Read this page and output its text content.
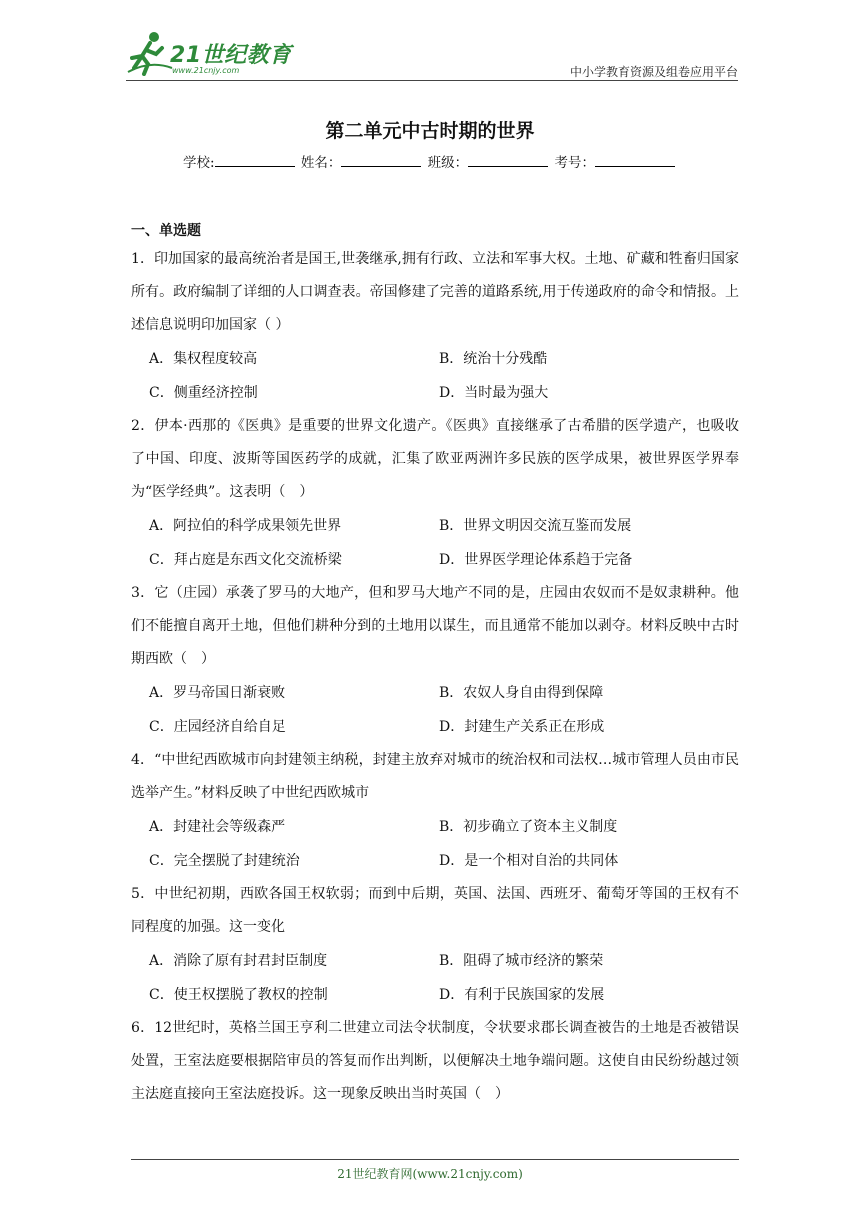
21世纪教育
www.21cnjy.com	中小学教育资源及组卷应用平台
第二单元中古时期的世界
学校:	姓名：	班级：	考号：
一、单选题

1．印加国家的最高统治者是国王,世袭继承,拥有行政、立法和军事大权。土地、矿藏和牲畜归国家所有。政府编制了详细的人口调查表。帝国修建了完善的道路系统,用于传递政府的命令和情报。上述信息说明印加国家（ ）

A．集权程度较高	B．统治十分残酷
C．侧重经济控制	D．当时最为强大

2．伊本·西那的《医典》是重要的世界文化遗产。《医典》直接继承了古希腊的医学遗产，也吸收了中国、印度、波斯等国医药学的成就，汇集了欧亚两洲许多民族的医学成果，被世界医学界奉为“医学经典”。这表明（　）

A．阿拉伯的科学成果领先世界	B．世界文明因交流互鉴而发展
C．拜占庭是东西文化交流桥梁	D．世界医学理论体系趋于完备

3．它（庄园）承袭了罗马的大地产，但和罗马大地产不同的是，庄园由农奴而不是奴隶耕种。他们不能擅自离开土地，但他们耕种分到的土地用以谋生，而且通常不能加以剥夺。材料反映中古时期西欧（　）

A．罗马帝国日渐衰败	B．农奴人身自由得到保障
C．庄园经济自给自足	D．封建生产关系正在形成

4．“中世纪西欧城市向封建领主纳税，封建主放弃对城市的统治权和司法权…城市管理人员由市民选举产生。”材料反映了中世纪西欧城市

A．封建社会等级森严	B．初步确立了资本主义制度
C．完全摆脱了封建统治	D．是一个相对自治的共同体

5．中世纪初期，西欧各国王权软弱；而到中后期，英国、法国、西班牙、葡萄牙等国的王权有不同程度的加强。这一变化

A．消除了原有封君封臣制度	B．阻碍了城市经济的繁荣
C．使王权摆脱了教权的控制	D．有利于民族国家的发展

6．12世纪时，英格兰国王亨利二世建立司法令状制度，令状要求郡长调查被告的土地是否被错误处置，王室法庭要根据陪审员的答复而作出判断，以便解决土地争端问题。这使自由民纷纷越过领主法庭直接向王室法庭投诉。这一现象反映出当时英国（　）

21世纪教育网(www.21cnjy.com)
